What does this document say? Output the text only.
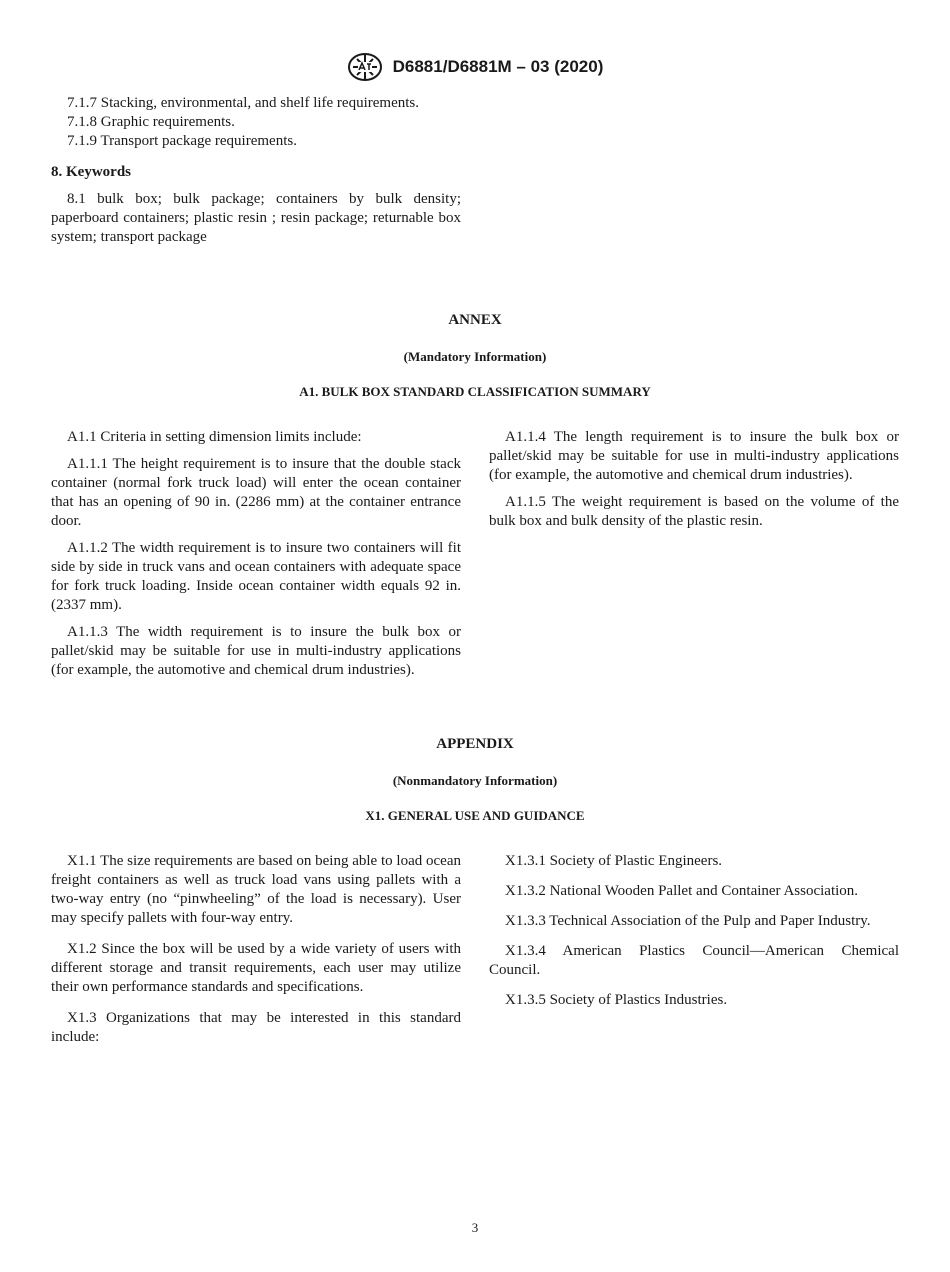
D6881/D6881M – 03 (2020)

7.1.7 Stacking, environmental, and shelf life requirements.

7.1.8 Graphic requirements.

7.1.9 Transport package requirements.

8. Keywords

8.1 bulk box; bulk package; containers by bulk density; paperboard containers; plastic resin ; resin package; returnable box system; transport package

ANNEX
(Mandatory Information)
A1. BULK BOX STANDARD CLASSIFICATION SUMMARY

A1.1 Criteria in setting dimension limits include:

A1.1.1 The height requirement is to insure that the double stack container (normal fork truck load) will enter the ocean container that has an opening of 90 in. (2286 mm) at the container entrance door.

A1.1.2 The width requirement is to insure two containers will fit side by side in truck vans and ocean containers with adequate space for fork truck loading. Inside ocean container width equals 92 in. (2337 mm).

A1.1.3 The width requirement is to insure the bulk box or pallet/skid may be suitable for use in multi-industry applications (for example, the automotive and chemical drum industries).

A1.1.4 The length requirement is to insure the bulk box or pallet/skid may be suitable for use in multi-industry applications (for example, the automotive and chemical drum industries).

A1.1.5 The weight requirement is based on the volume of the bulk box and bulk density of the plastic resin.

APPENDIX
(Nonmandatory Information)
X1. GENERAL USE AND GUIDANCE

X1.1 The size requirements are based on being able to load ocean freight containers as well as truck load vans using pallets with a two-way entry (no “pinwheeling” of the load is necessary). User may specify pallets with four-way entry.

X1.2 Since the box will be used by a wide variety of users with different storage and transit requirements, each user may utilize their own performance standards and specifications.

X1.3 Organizations that may be interested in this standard include:

X1.3.1 Society of Plastic Engineers.

X1.3.2 National Wooden Pallet and Container Association.

X1.3.3 Technical Association of the Pulp and Paper Industry.

X1.3.4 American Plastics Council—American Chemical Council.

X1.3.5 Society of Plastics Industries.

3
